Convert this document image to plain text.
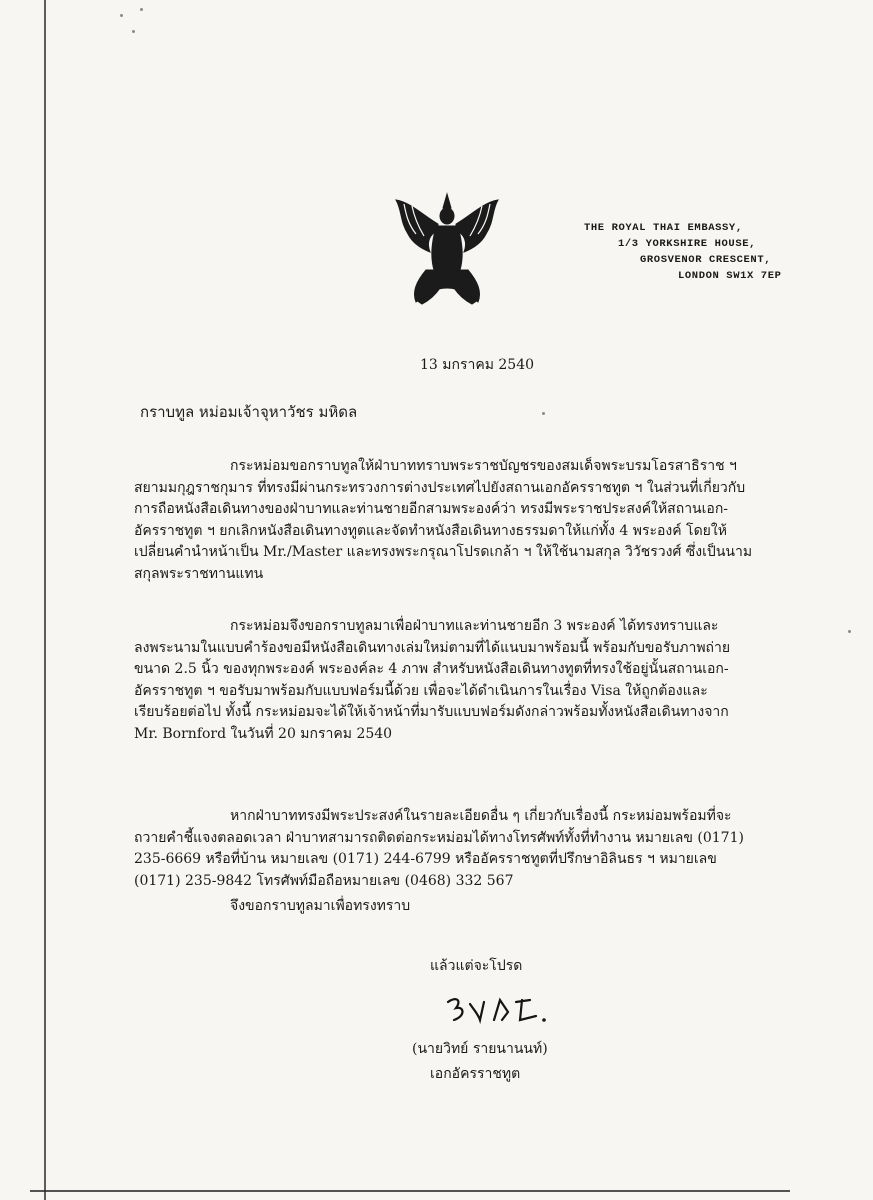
THE ROYAL THAI EMBASSY,
1/3 YORKSHIRE HOUSE,
GROSVENOR CRESCENT,
LONDON SW1X 7EP
13 มกราคม 2540
กราบทูล หม่อมเจ้าจุหาวัชร มหิดล
กระหม่อมขอกราบทูลให้ฝ่าบาททราบพระราชบัญชรของสมเด็จพระบรมโอรสาธิราช ฯ
สยามมกุฎราชกุมาร ที่ทรงมีผ่านกระทรวงการต่างประเทศไปยังสถานเอกอัครราชทูต ฯ ในส่วนที่เกี่ยวกับ
การถือหนังสือเดินทางของฝ่าบาทและท่านชายอีกสามพระองค์ว่า ทรงมีพระราชประสงค์ให้สถานเอก-
อัครราชทูต ฯ ยกเลิกหนังสือเดินทางทูตและจัดทำหนังสือเดินทางธรรมดาให้แก่ทั้ง 4 พระองค์ โดยให้
เปลี่ยนคำนำหน้าเป็น Mr./Master และทรงพระกรุณาโปรดเกล้า ฯ ให้ใช้นามสกุล วิวัชรวงศ์ ซึ่งเป็นนาม
สกุลพระราชทานแทน
กระหม่อมจึงขอกราบทูลมาเพื่อฝ่าบาทและท่านชายอีก 3 พระองค์ ได้ทรงทราบและ
ลงพระนามในแบบคำร้องขอมีหนังสือเดินทางเล่มใหม่ตามที่ได้แนบมาพร้อมนี้ พร้อมกับขอรับภาพถ่าย
ขนาด 2.5 นิ้ว ของทุกพระองค์ พระองค์ละ 4 ภาพ สำหรับหนังสือเดินทางทูตที่ทรงใช้อยู่นั้นสถานเอก-
อัครราชทูต ฯ ขอรับมาพร้อมกับแบบฟอร์มนี้ด้วย เพื่อจะได้ดำเนินการในเรื่อง Visa ให้ถูกต้องและ
เรียบร้อยต่อไป ทั้งนี้ กระหม่อมจะได้ให้เจ้าหน้าที่มารับแบบฟอร์มดังกล่าวพร้อมทั้งหนังสือเดินทางจาก
Mr. Bornford ในวันที่ 20 มกราคม 2540
หากฝ่าบาททรงมีพระประสงค์ในรายละเอียดอื่น ๆ เกี่ยวกับเรื่องนี้ กระหม่อมพร้อมที่จะ
ถวายคำชี้แจงตลอดเวลา ฝ่าบาทสามารถติดต่อกระหม่อมได้ทางโทรศัพท์ทั้งที่ทำงาน หมายเลข (0171)
235-6669 หรือที่บ้าน หมายเลข (0171) 244-6799 หรืออัครราชทูตที่ปรึกษาอิลินธร ฯ หมายเลข
(0171) 235-9842 โทรศัพท์มือถือหมายเลข (0468) 332 567
จึงขอกราบทูลมาเพื่อทรงทราบ
แล้วแต่จะโปรด
(นายวิทย์ รายนานนท์)
เอกอัครราชทูต
